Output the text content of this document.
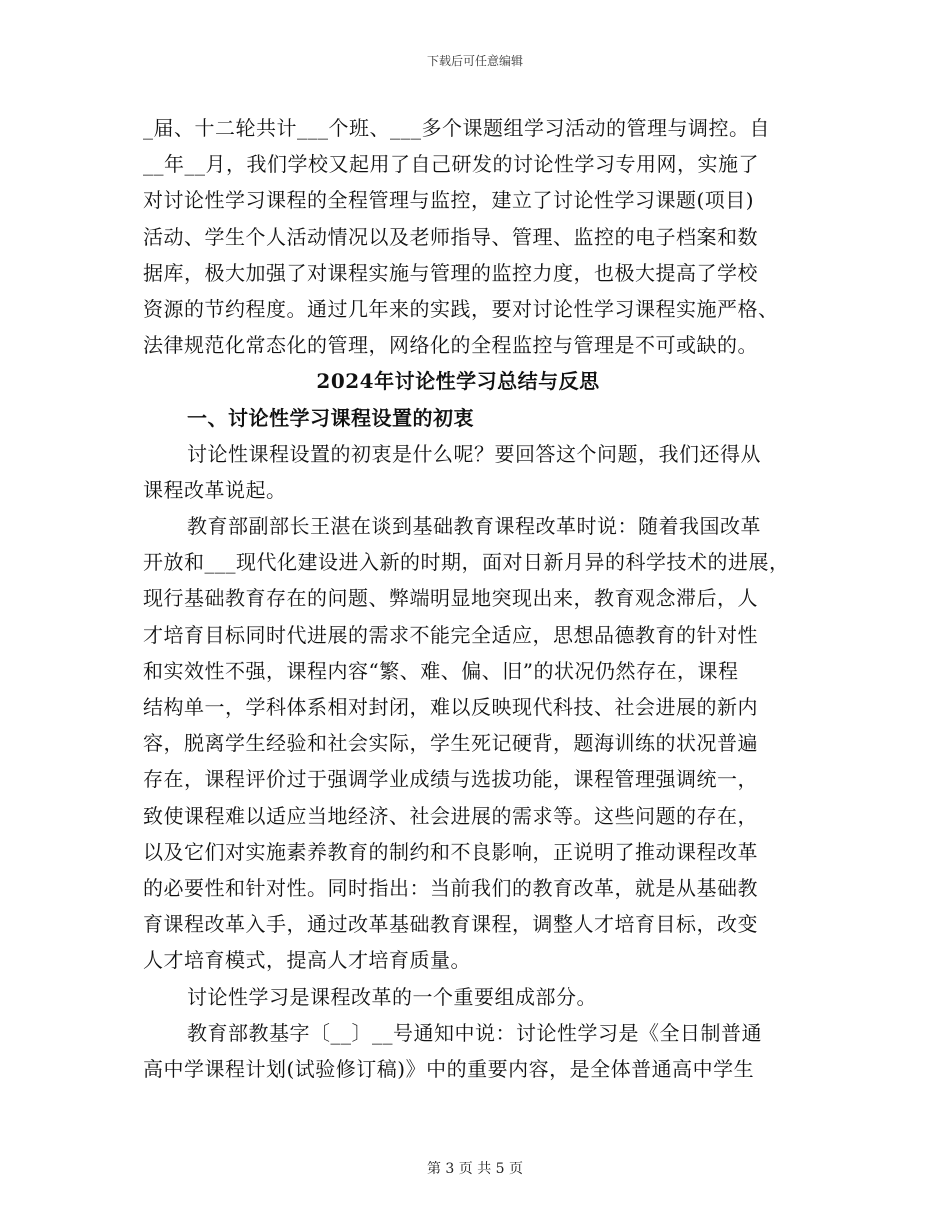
下载后可任意编辑
_届、十二轮共计___个班、___多个课题组学习活动的管理与调控。自
__年__月，我们学校又起用了自己研发的讨论性学习专用网，实施了
对讨论性学习课程的全程管理与监控，建立了讨论性学习课题(项目)
活动、学生个人活动情况以及老师指导、管理、监控的电子档案和数
据库，极大加强了对课程实施与管理的监控力度，也极大提高了学校
资源的节约程度。通过几年来的实践，要对讨论性学习课程实施严格、
法律规范化常态化的管理，网络化的全程监控与管理是不可或缺的。
2024年讨论性学习总结与反思
一、讨论性学习课程设置的初衷
讨论性课程设置的初衷是什么呢？要回答这个问题，我们还得从
课程改革说起。
教育部副部长王湛在谈到基础教育课程改革时说：随着我国改革
开放和___现代化建设进入新的时期，面对日新月异的科学技术的进展，
现行基础教育存在的问题、弊端明显地突现出来，教育观念滞后，人
才培育目标同时代进展的需求不能完全适应，思想品德教育的针对性
和实效性不强，课程内容“繁、难、偏、旧”的状况仍然存在，课程
结构单一，学科体系相对封闭，难以反映现代科技、社会进展的新内
容，脱离学生经验和社会实际，学生死记硬背，题海训练的状况普遍
存在，课程评价过于强调学业成绩与选拔功能，课程管理强调统一，
致使课程难以适应当地经济、社会进展的需求等。这些问题的存在，
以及它们对实施素养教育的制约和不良影响，正说明了推动课程改革
的必要性和针对性。同时指出：当前我们的教育改革，就是从基础教
育课程改革入手，通过改革基础教育课程，调整人才培育目标，改变
人才培育模式，提高人才培育质量。
讨论性学习是课程改革的一个重要组成部分。
教育部教基字〔__〕__号通知中说：讨论性学习是《全日制普通
高中学课程计划(试验修订稿)》中的重要内容，是全体普通高中学生
第 3 页 共 5 页
